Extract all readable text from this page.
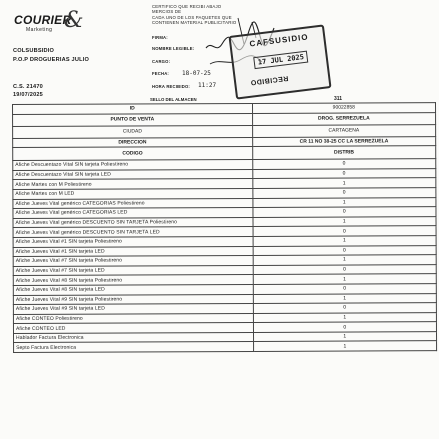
COURIER
Marketing &
COLSUBSIDIO
P.O.P DROGUERIAS JULIO
C.S. 21470
19/07/2025
CERTIFICO QUE RECIBI ABAJO
MERCIOS DE
CADA UNO DE LOS PAQUETES QUE
CONTIENEN MATERIAL PUBLICITARIO
FIRMA:
NOMBRE LEGIBLE:
CARGO:
FECHA: 18-07-25
HORA RECIBIDO: 11:27
CAFSUSIDIO
17 JUL 2025
RECIBIDO
SELLO DEL ALMACEN	311
ID	90022858
PUNTO DE VENTA	DROG. SERREZUELA
CIUDAD	CARTAGENA
DIRECCION	CR 11 NO 38-25 CC LA SERREZUELA
CODIGO	DISTRIB
Afiche Descuentazo Vital SIN tarjeta Poliestireno	0
Afiche Descuentazo Vital SIN tarjeta LED	0
Afiche Martes con M Poliestireno	1
Afiche Martes con M LED	0
Afiche Jueves Vital genérico CATEGORIAS Poliestireno	1
Afiche Jueves Vital genérico CATEGORIAS LED	0
Afiche Jueves Vital genérico DESCUENTO SIN TARJETA Poliestireno	1
Afiche Jueves Vital genérico DESCUENTO SIN TARJETA LED	0
Afiche Jueves Vital #1 SIN tarjeta Poliestireno	1
Afiche Jueves Vital #1 SIN tarjeta LED	0
Afiche Jueves Vital #7 SIN tarjeta Poliestireno	1
Afiche Jueves Vital #7 SIN tarjeta LED	0
Afiche Jueves Vital #8 SIN tarjeta Poliestireno	1
Afiche Jueves Vital #8 SIN tarjeta LED	0
Afiche Jueves Vital #9 SIN tarjeta Poliestireno	1
Afiche Jueves Vital #9 SIN tarjeta LED	0
Afiche CONTEO Poliestireno	1
Afiche CONTEO LED	0
Hablador Factura Electronica	1
Septo Factura Electronica	1
